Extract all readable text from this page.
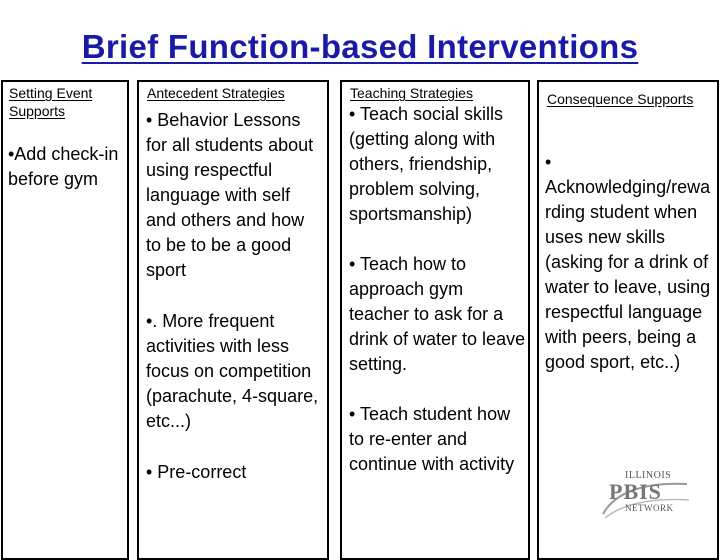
Brief Function-based Interventions
Setting Event Supports

•Add check-in before gym

Antecedent Strategies

• Behavior Lessons for all students about using respectful language with self and others and how to be to be a good sport

•. More frequent activities with less focus on competition (parachute, 4-square, etc...)

• Pre-correct

Teaching Strategies

• Teach social skills (getting along with others, friendship, problem solving, sportsmanship)

• Teach how to approach gym teacher to ask for a drink of water to leave setting.

• Teach student how to re-enter and continue with activity

Consequence Supports

• Acknowledging/rewarding student when uses new skills (asking for a drink of water to leave, using respectful language with peers, being a good sport, etc..)

ILLINOIS
PBIS
NETWORK
